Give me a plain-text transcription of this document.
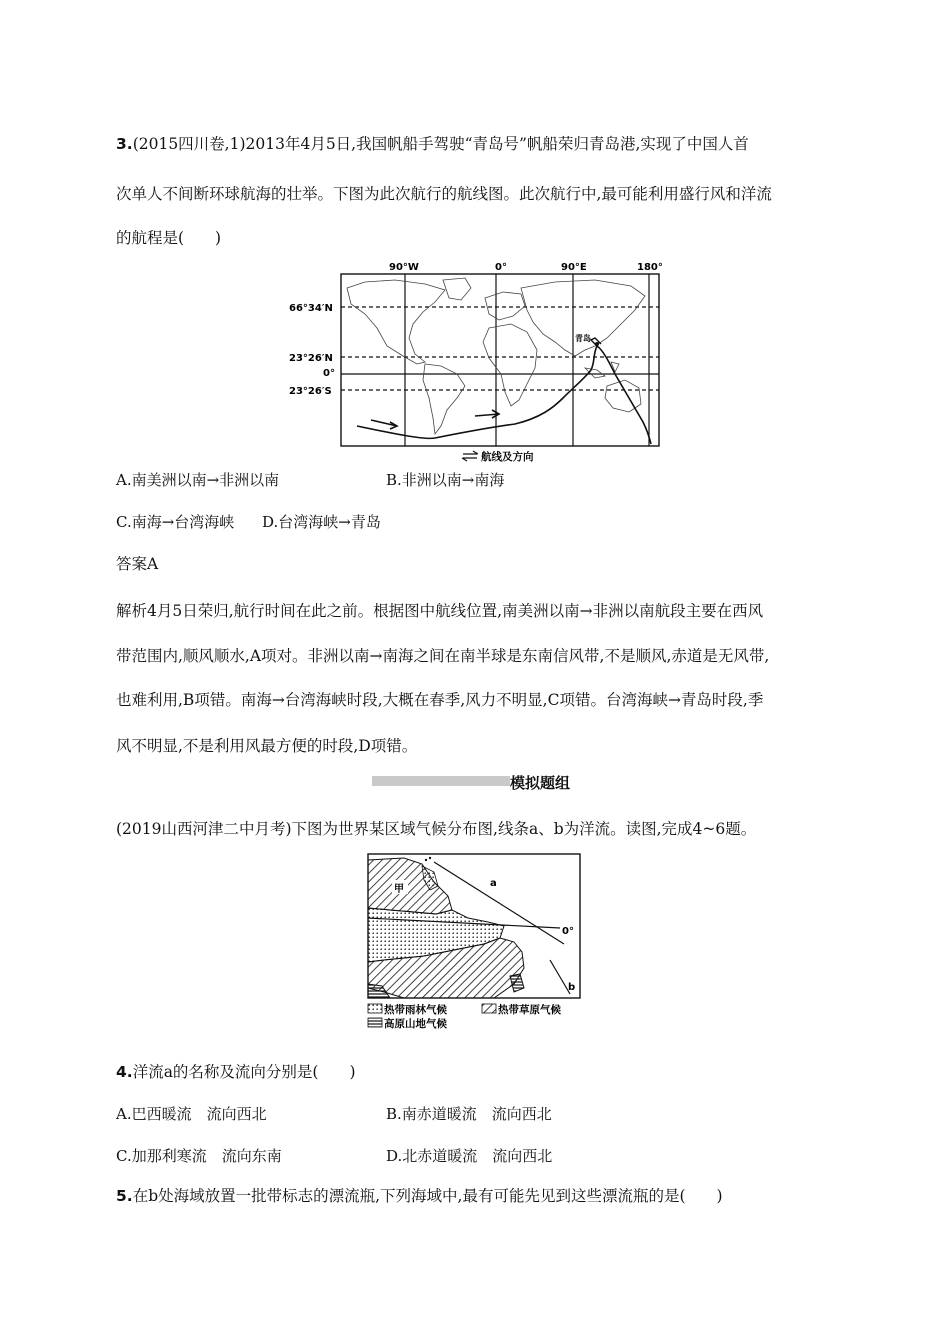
3.(2015四川卷,1)2013年4月5日,我国帆船手驾驶“青岛号”帆船荣归青岛港,实现了中国人首
次单人不间断环球航海的壮举。下图为此次航行的航线图。此次航行中,最可能利用盛行风和洋流
的航程是(　　)
90°W	0°	90°E	180°
66°34′N
23°26′N
0°
23°26′S
青岛
航线及方向
A.南美洲以南→非洲以南	B.非洲以南→南海
C.南海→台湾海峡 D.台湾海峡→青岛
答案A
解析4月5日荣归,航行时间在此之前。根据图中航线位置,南美洲以南→非洲以南航段主要在西风
带范围内,顺风顺水,A项对。非洲以南→南海之间在南半球是东南信风带,不是顺风,赤道是无风带,
也难利用,B项错。南海→台湾海峡时段,大概在春季,风力不明显,C项错。台湾海峡→青岛时段,季
风不明显,不是利用风最方便的时段,D项错。
模拟题组
(2019山西河津二中月考)下图为世界某区域气候分布图,线条a、b为洋流。读图,完成4~6题。
0°
a
b
甲
热带雨林气候	热带草原气候
高原山地气候
4.洋流a的名称及流向分别是(　　)
A.巴西暖流　流向西北	B.南赤道暖流　流向西北
C.加那利寒流　流向东南	D.北赤道暖流　流向西北
5.在b处海域放置一批带标志的漂流瓶,下列海域中,最有可能先见到这些漂流瓶的是(　　)
